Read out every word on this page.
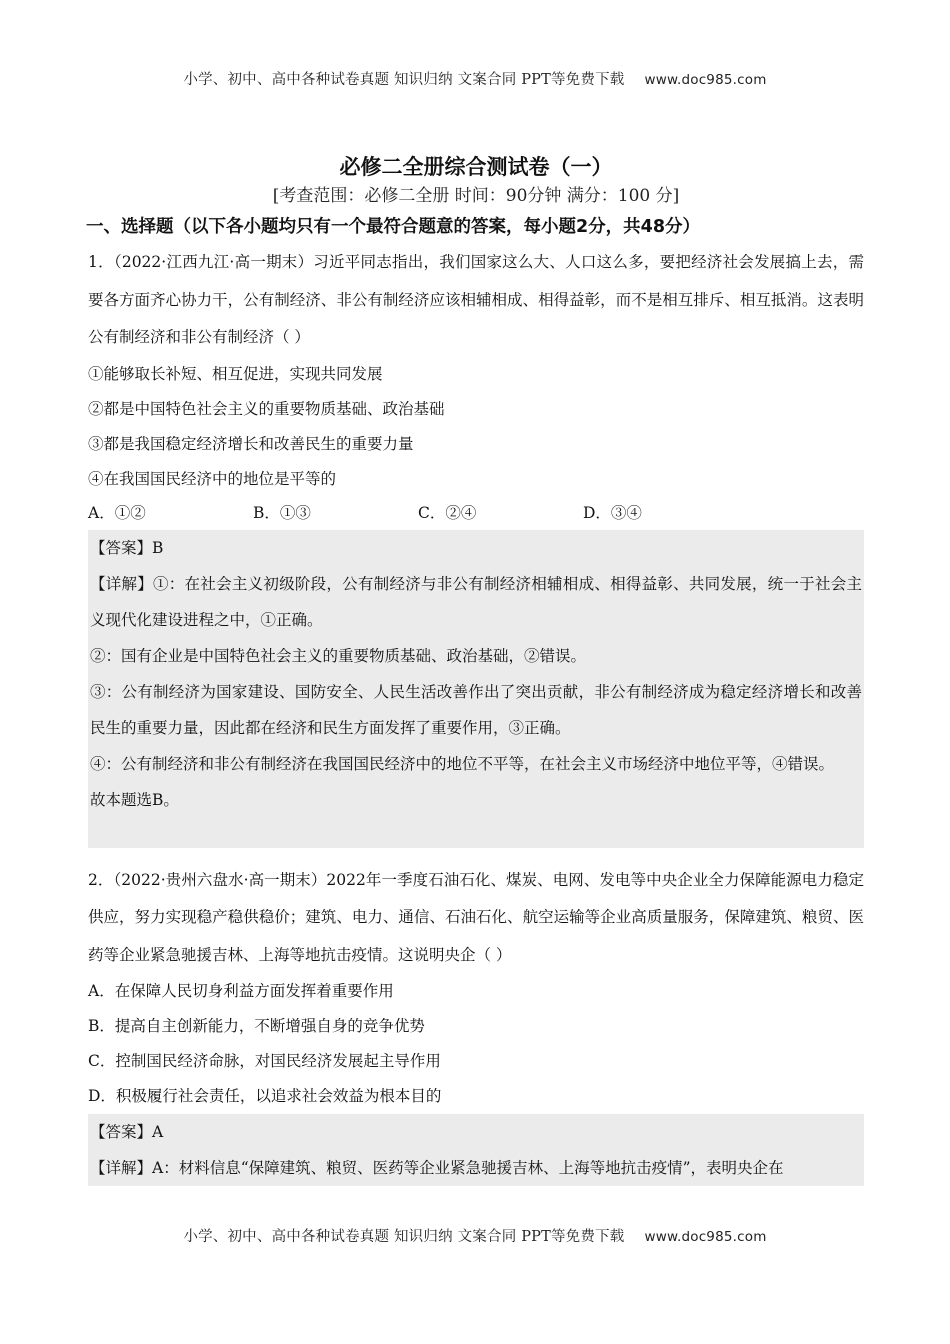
小学、初中、高中各种试卷真题 知识归纳 文案合同 PPT等免费下载 www.doc985.com
必修二全册综合测试卷（一）
[考查范围：必修二全册 时间：90分钟 满分：100 分]
一、选择题（以下各小题均只有一个最符合题意的答案，每小题2分，共48分）
1．（2022·江西九江·高一期末）习近平同志指出，我们国家这么大、人口这么多，要把经济社会发展搞上去，需要各方面齐心协力干，公有制经济、非公有制经济应该相辅相成、相得益彰，而不是相互排斥、相互抵消。这表明公有制经济和非公有制经济（ ）
①能够取长补短、相互促进，实现共同发展
②都是中国特色社会主义的重要物质基础、政治基础
③都是我国稳定经济增长和改善民生的重要力量
④在我国国民经济中的地位是平等的
A．①②	B．①③	C．②④	D．③④
【答案】B
【详解】①：在社会主义初级阶段，公有制经济与非公有制经济相辅相成、相得益彰、共同发展，统一于社会主义现代化建设进程之中，①正确。
②：国有企业是中国特色社会主义的重要物质基础、政治基础，②错误。
③：公有制经济为国家建设、国防安全、人民生活改善作出了突出贡献，非公有制经济成为稳定经济增长和改善民生的重要力量，因此都在经济和民生方面发挥了重要作用，③正确。
④：公有制经济和非公有制经济在我国国民经济中的地位不平等，在社会主义市场经济中地位平等，④错误。
故本题选B。
2．（2022·贵州六盘水·高一期末）2022年一季度石油石化、煤炭、电网、发电等中央企业全力保障能源电力稳定供应，努力实现稳产稳供稳价；建筑、电力、通信、石油石化、航空运输等企业高质量服务，保障建筑、粮贸、医药等企业紧急驰援吉林、上海等地抗击疫情。这说明央企（ ）
A．在保障人民切身利益方面发挥着重要作用
B．提高自主创新能力，不断增强自身的竞争优势
C．控制国民经济命脉，对国民经济发展起主导作用
D．积极履行社会责任，以追求社会效益为根本目的
【答案】A
【详解】A：材料信息“保障建筑、粮贸、医药等企业紧急驰援吉林、上海等地抗击疫情”，表明央企在
小学、初中、高中各种试卷真题 知识归纳 文案合同 PPT等免费下载 www.doc985.com
